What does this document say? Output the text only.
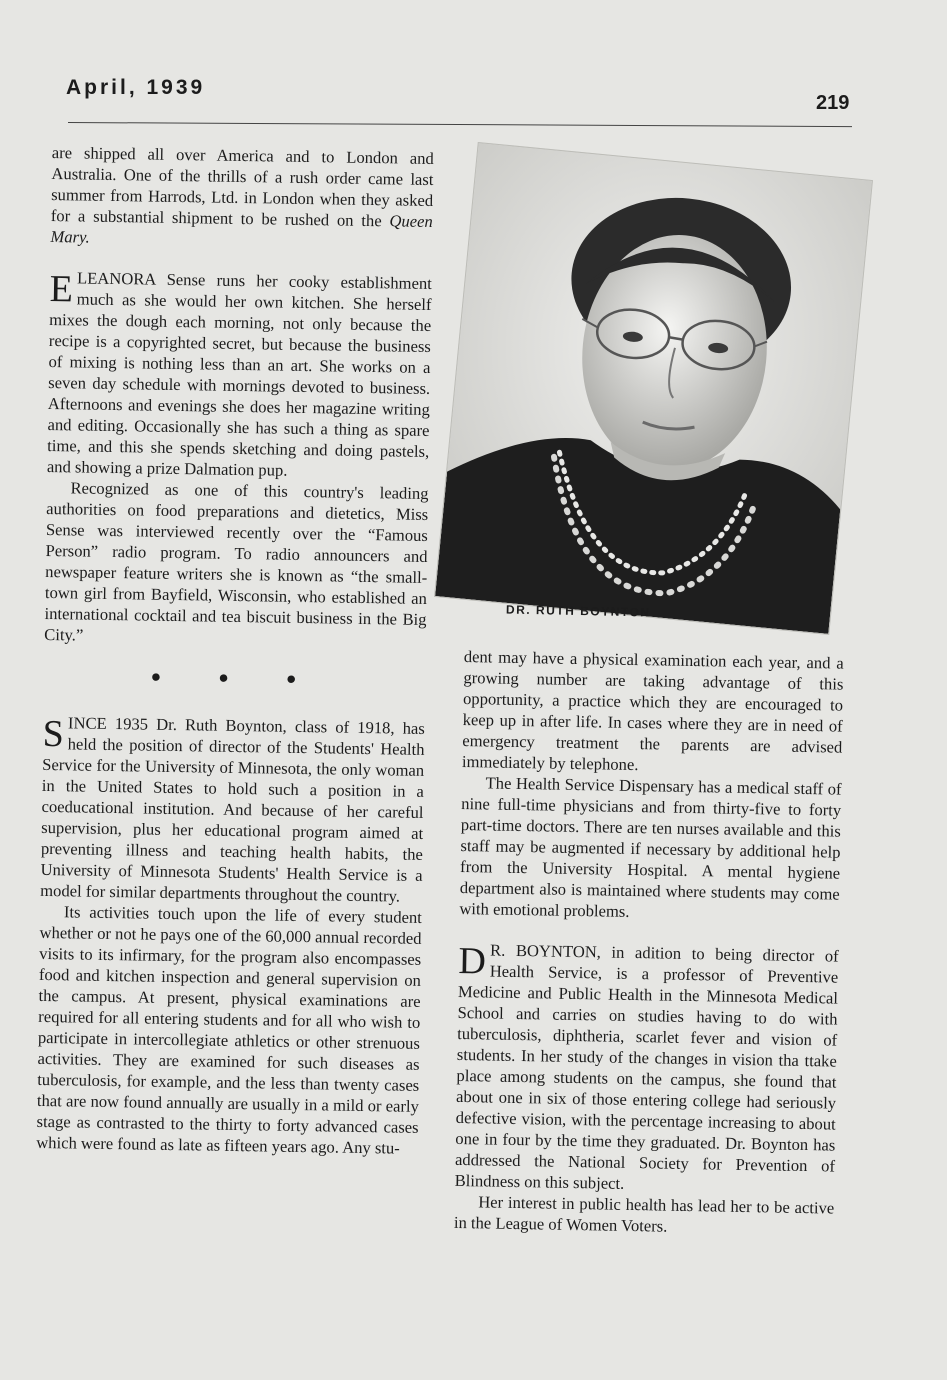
April, 1939
219

are shipped all over America and to London and Australia. One of the thrills of a rush order came last summer from Harrods, Ltd. in London when they asked for a substantial shipment to be rushed on the Queen Mary.

ELEANORA Sense runs her cooky establishment much as she would her own kitchen. She herself mixes the dough each morning, not only because the recipe is a copyrighted secret, but because the business of mixing is nothing less than an art. She works on a seven day schedule with mornings devoted to business. Afternoons and evenings she does her magazine writing and editing. Occasionally she has such a thing as spare time, and this she spends sketching and doing pastels, and showing a prize Dalmation pup.

Recognized as one of this country's leading authorities on food preparations and dietetics, Miss Sense was interviewed recently over the “Famous Person” radio program. To radio announcers and newspaper feature writers she is known as “the small-town girl from Bayfield, Wisconsin, who established an international cocktail and tea biscuit business in the Big City.”

• • •

SINCE 1935 Dr. Ruth Boynton, class of 1918, has held the position of director of the Students' Health Service for the University of Minnesota, the only woman in the United States to hold such a position in a coeducational institution. And because of her careful supervision, plus her educational program aimed at preventing illness and teaching health habits, the University of Minnesota Students' Health Service is a model for similar departments throughout the country.

Its activities touch upon the life of every student whether or not he pays one of the 60,000 annual recorded visits to its infirmary, for the program also encompasses food and kitchen inspection and general supervision on the campus. At present, physical examinations are required for all entering students and for all who wish to participate in intercollegiate athletics or other strenuous activities. They are examined for such diseases as tuberculosis, for example, and the less than twenty cases that are now found annually are usually in a mild or early stage as contrasted to the thirty to forty advanced cases which were found as late as fifteen years ago. Any stu-

DR. RUTH BOYNTON

dent may have a physical examination each year, and a growing number are taking advantage of this opportunity, a practice which they are encouraged to keep up in after life. In cases where they are in need of emergency treatment the parents are advised immediately by telephone.

The Health Service Dispensary has a medical staff of nine full-time physicians and from thirty-five to forty part-time doctors. There are ten nurses available and this staff may be augmented if necessary by additional help from the University Hospital. A mental hygiene department also is maintained where students may come with emotional problems.

D R. BOYNTON, in adition to being director of Health Service, is a professor of Preventive Medicine and Public Health in the Minnesota Medical School and carries on studies having to do with tuberculosis, diphtheria, scarlet fever and vision of students. In her study of the changes in vision tha ttake place among students on the campus, she found that about one in six of those entering college had seriously defective vision, with the percentage increasing to about one in four by the time they graduated. Dr. Boynton has addressed the National Society for Prevention of Blindness on this subject.

Her interest in public health has lead her to be active in the League of Women Voters.
